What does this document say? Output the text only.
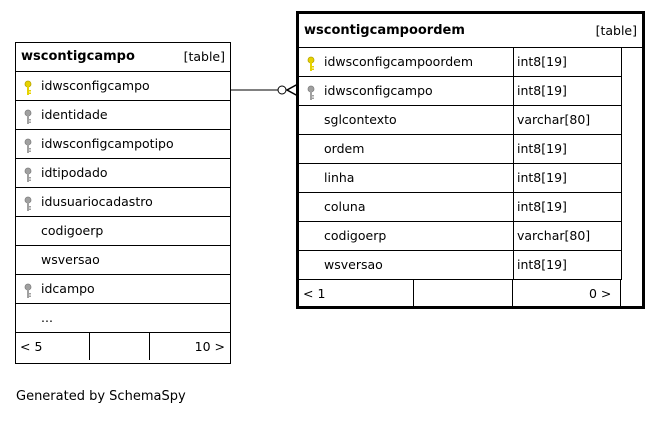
wscontigcampo	[table]
idwsconfigcampo
identidade
idwsconfigcampotipo
idtipodado
idusuariocadastro
codigoerp
wsversao
idcampo
...
< 5	10 >
wscontigcampoordem	[table]
idwsconfigcampoordem	int8[19]
idwsconfigcampo	int8[19]
sglcontexto	varchar[80]
ordem	int8[19]
linha	int8[19]
coluna	int8[19]
codigoerp	varchar[80]
wsversao	int8[19]
< 1	0 >
Generated by SchemaSpy
